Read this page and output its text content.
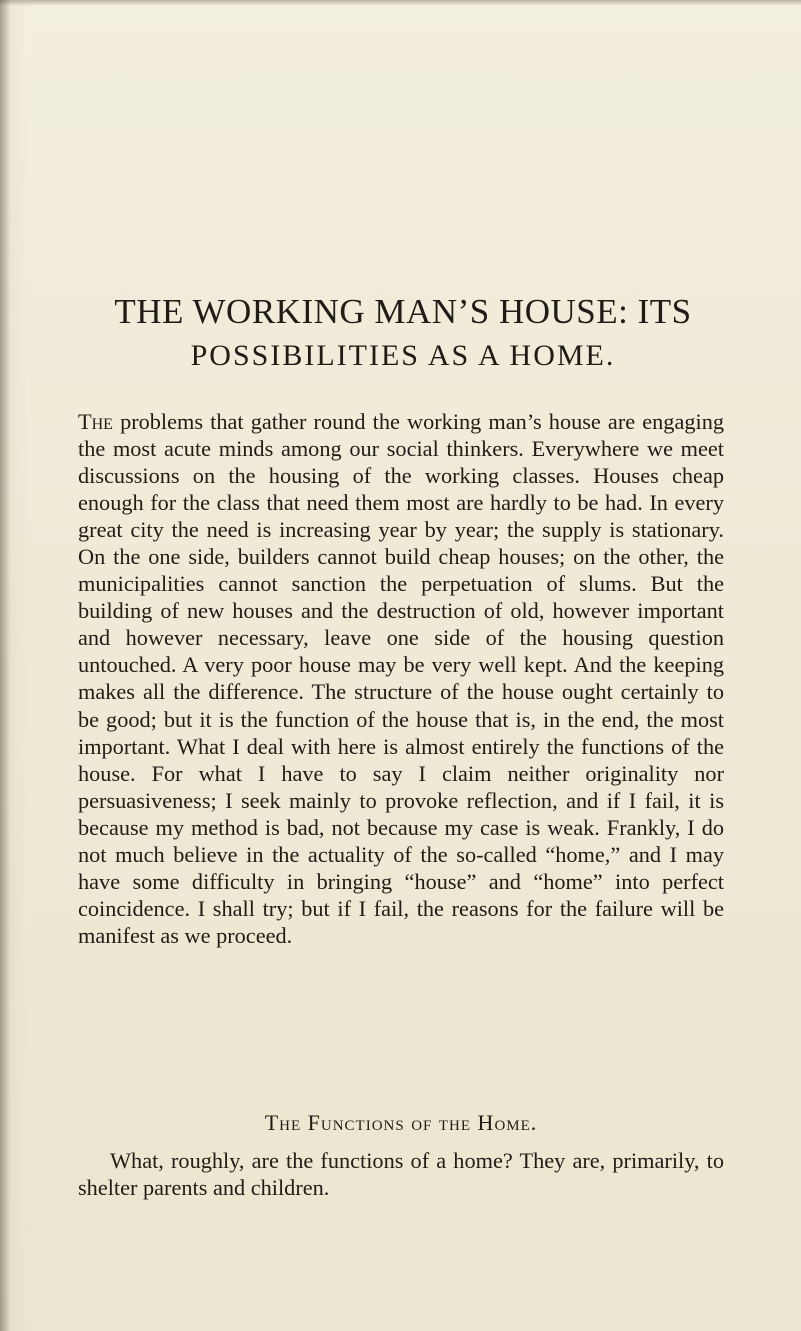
THE WORKING MAN’S HOUSE: ITS
POSSIBILITIES AS A HOME.

The problems that gather round the working man’s house are engaging the most acute minds among our social thinkers. Everywhere we meet discussions on the housing of the working classes. Houses cheap enough for the class that need them most are hardly to be had. In every great city the need is increasing year by year; the supply is stationary. On the one side, builders cannot build cheap houses; on the other, the municipalities cannot sanction the perpetuation of slums. But the building of new houses and the destruction of old, however important and however necessary, leave one side of the housing question untouched. A very poor house may be very well kept. And the keeping makes all the difference. The structure of the house ought certainly to be good; but it is the function of the house that is, in the end, the most important. What I deal with here is almost entirely the functions of the house. For what I have to say I claim neither originality nor persuasiveness; I seek mainly to provoke reflection, and if I fail, it is because my method is bad, not because my case is weak. Frankly, I do not much believe in the actuality of the so-called “home,” and I may have some difficulty in bringing “house” and “home” into perfect coincidence. I shall try; but if I fail, the reasons for the failure will be manifest as we proceed.

The Functions of the Home.

What, roughly, are the functions of a home? They are, primarily, to shelter parents and children.
